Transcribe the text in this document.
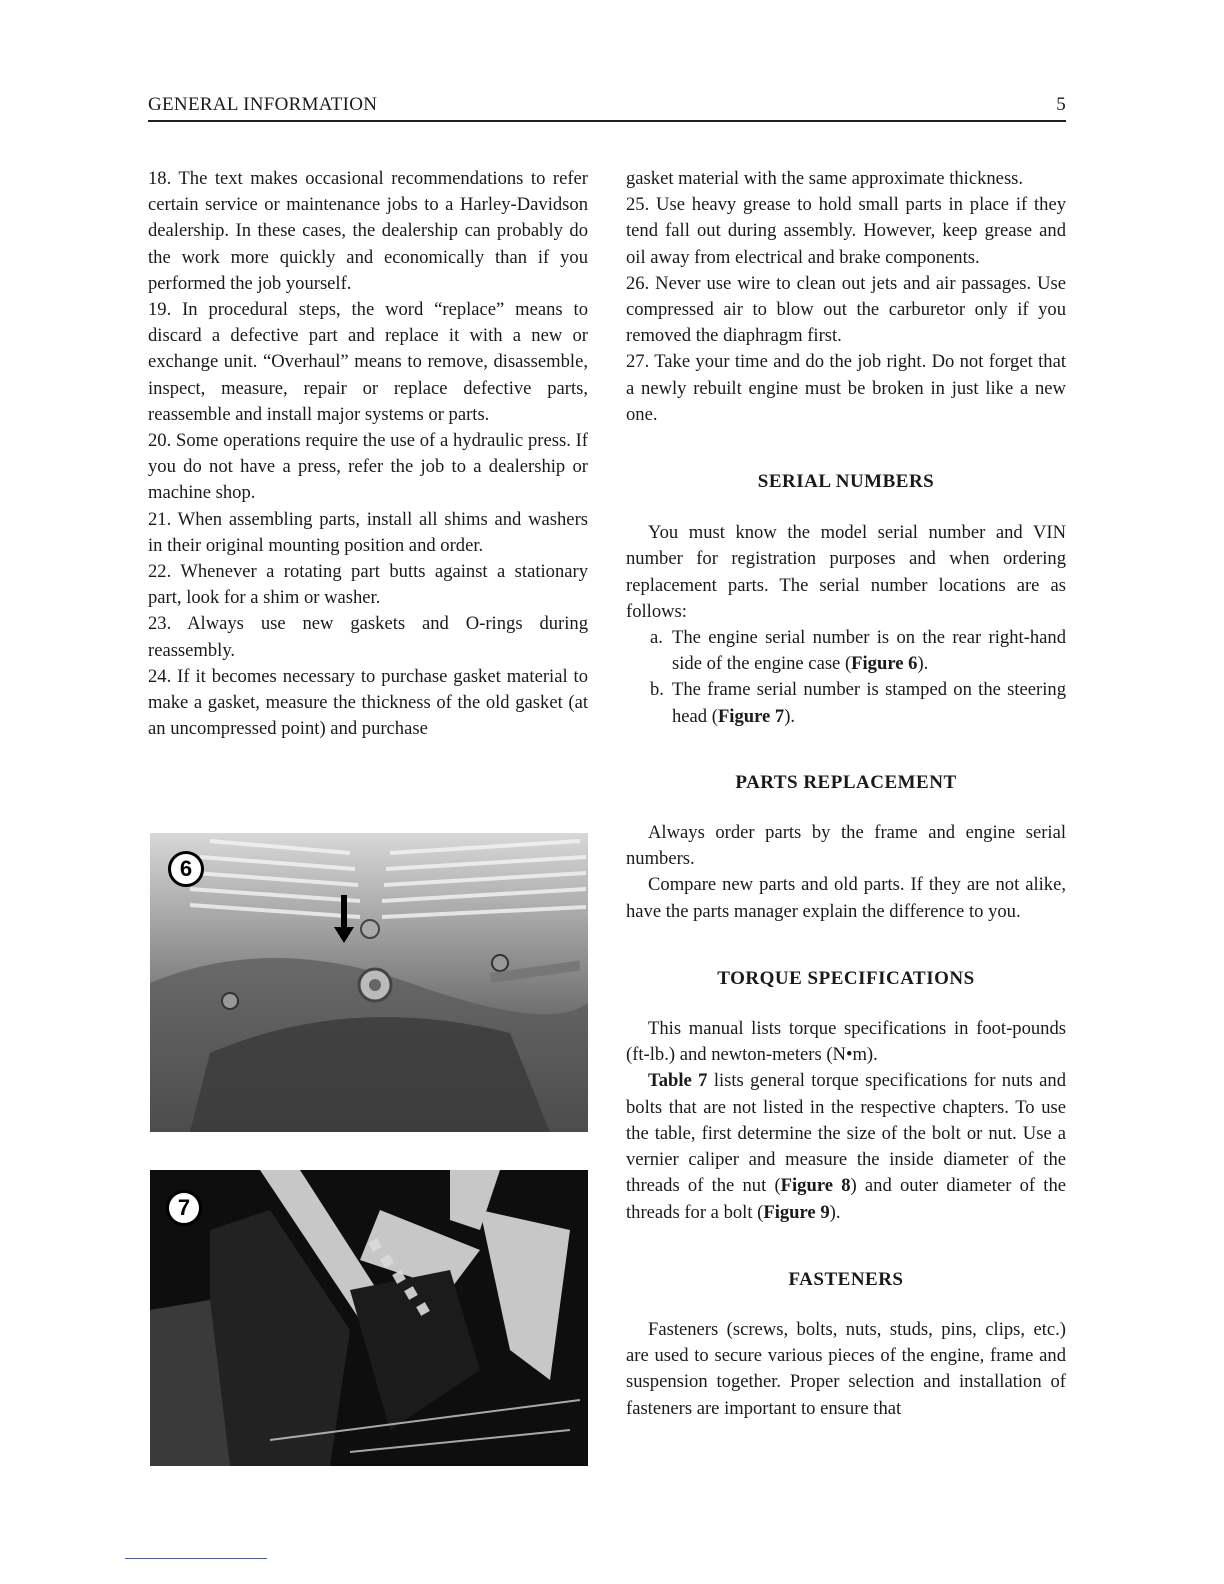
GENERAL INFORMATION	5

18. The text makes occasional recommendations to refer certain service or maintenance jobs to a Harley-Davidson dealership. In these cases, the dealership can probably do the work more quickly and economically than if you performed the job yourself.

19. In procedural steps, the word “replace” means to discard a defective part and replace it with a new or exchange unit. “Overhaul” means to remove, disassemble, inspect, measure, repair or replace defective parts, reassemble and install major systems or parts.

20. Some operations require the use of a hydraulic press. If you do not have a press, refer the job to a dealership or machine shop.

21. When assembling parts, install all shims and washers in their original mounting position and order.

22. Whenever a rotating part butts against a stationary part, look for a shim or washer.

23. Always use new gaskets and O-rings during reassembly.

24. If it becomes necessary to purchase gasket material to make a gasket, measure the thickness of the old gasket (at an uncompressed point) and purchase

6
7

gasket material with the same approximate thickness.

25. Use heavy grease to hold small parts in place if they tend fall out during assembly. However, keep grease and oil away from electrical and brake components.

26. Never use wire to clean out jets and air passages. Use compressed air to blow out the carburetor only if you removed the diaphragm first.

27. Take your time and do the job right. Do not forget that a newly rebuilt engine must be broken in just like a new one.

SERIAL NUMBERS

You must know the model serial number and VIN number for registration purposes and when ordering replacement parts. The serial number locations are as follows:

a. The engine serial number is on the rear right-hand side of the engine case (Figure 6).
b. The frame serial number is stamped on the steering head (Figure 7).
PARTS REPLACEMENT

Always order parts by the frame and engine serial numbers.

Compare new parts and old parts. If they are not alike, have the parts manager explain the difference to you.

TORQUE SPECIFICATIONS

This manual lists torque specifications in foot-pounds (ft-lb.) and newton-meters (N•m).

Table 7 lists general torque specifications for nuts and bolts that are not listed in the respective chapters. To use the table, first determine the size of the bolt or nut. Use a vernier caliper and measure the inside diameter of the threads of the nut (Figure 8) and outer diameter of the threads for a bolt (Figure 9).

FASTENERS

Fasteners (screws, bolts, nuts, studs, pins, clips, etc.) are used to secure various pieces of the engine, frame and suspension together. Proper selection and installation of fasteners are important to ensure that
